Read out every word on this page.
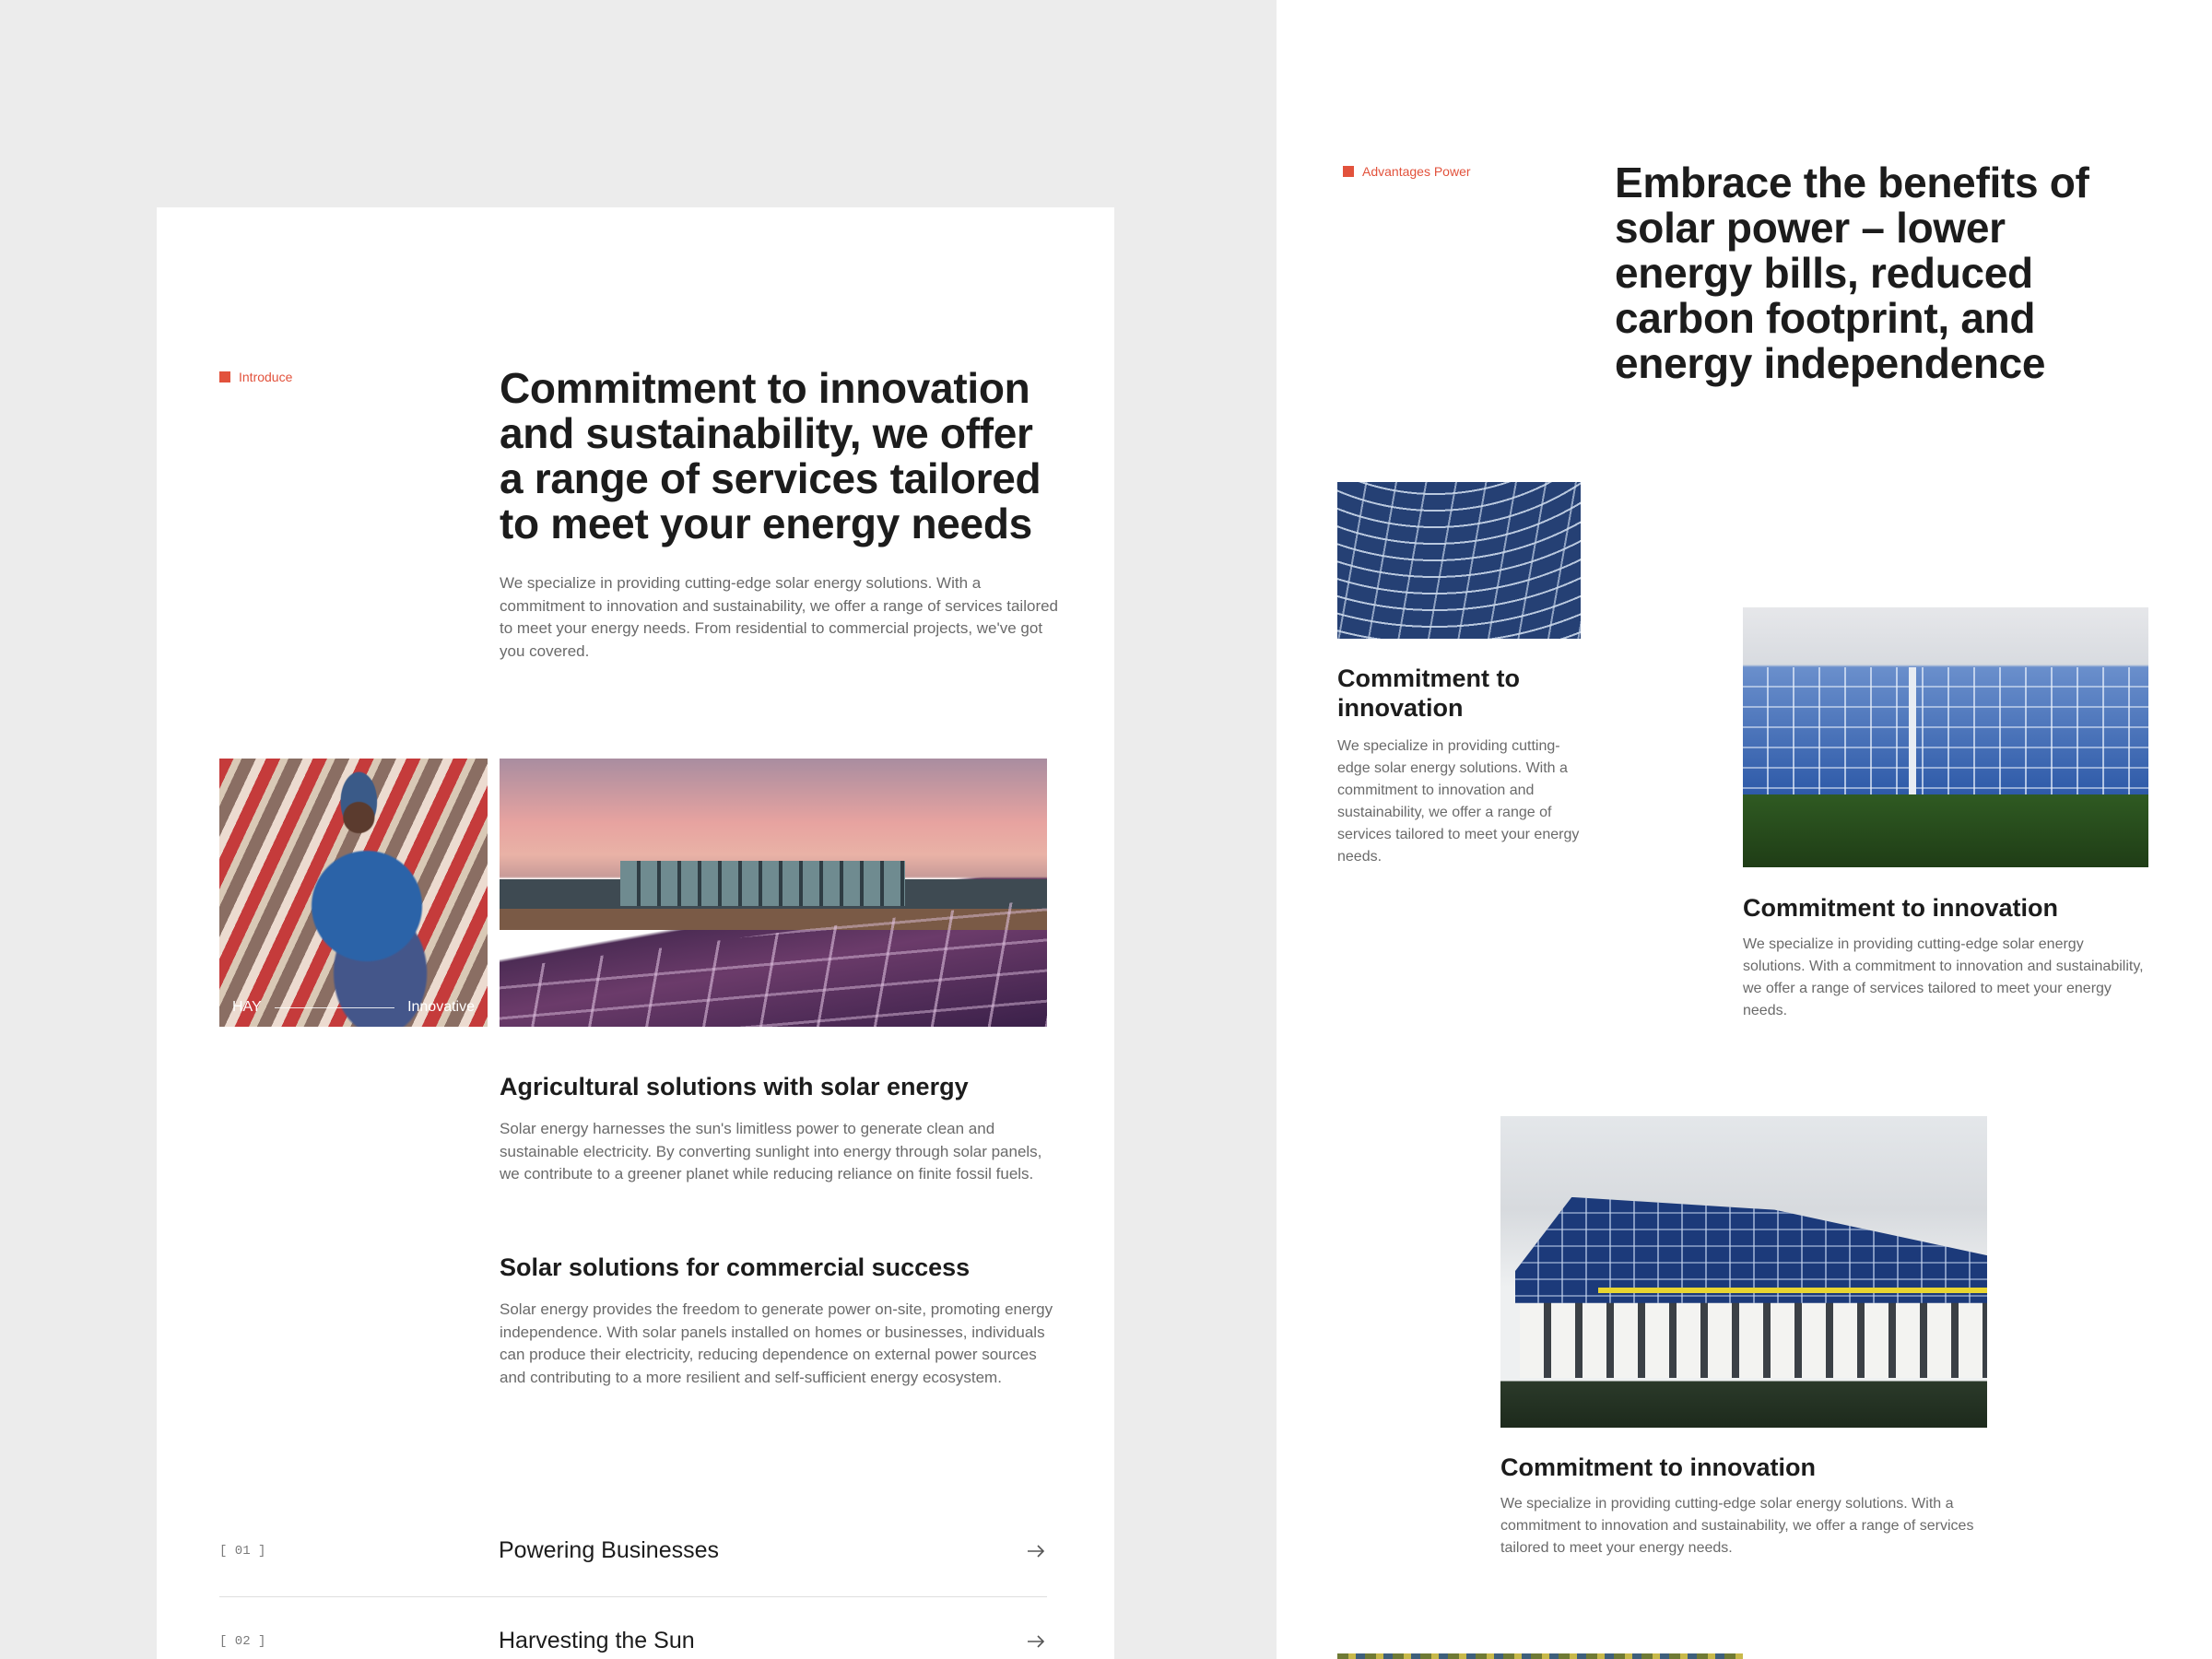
Introduce	Commitment to innovation and sustainability, we offer a range of services tailored to meet your energy needs

We specialize in providing cutting-edge solar energy solutions. With a commitment to innovation and sustainability, we offer a range of services tailored to meet your energy needs. From residential to commercial projects, we've got you covered.

HAY	Innovative
Agricultural solutions with solar energy

Solar energy harnesses the sun's limitless power to generate clean and sustainable electricity. By converting sunlight into energy through solar panels, we contribute to a greener planet while reducing reliance on finite fossil fuels.

Solar solutions for commercial success

Solar energy provides the freedom to generate power on-site, promoting energy independence. With solar panels installed on homes or businesses, individuals can produce their electricity, reducing dependence on external power sources and contributing to a more resilient and self-sufficient energy ecosystem.

[ 01 ]	Powering Businesses
[ 02 ]	Harvesting the Sun
Advantages Power	Embrace the benefits of solar power – lower energy bills, reduced carbon footprint, and energy independence
Commitment to innovation

We specialize in providing cutting-edge solar energy solutions. With a commitment to innovation and sustainability, we offer a range of services tailored to meet your energy needs.

Commitment to innovation

We specialize in providing cutting-edge solar energy solutions. With a commitment to innovation and sustainability, we offer a range of services tailored to meet your energy needs.

Commitment to innovation

We specialize in providing cutting-edge solar energy solutions. With a commitment to innovation and sustainability, we offer a range of services tailored to meet your energy needs.
